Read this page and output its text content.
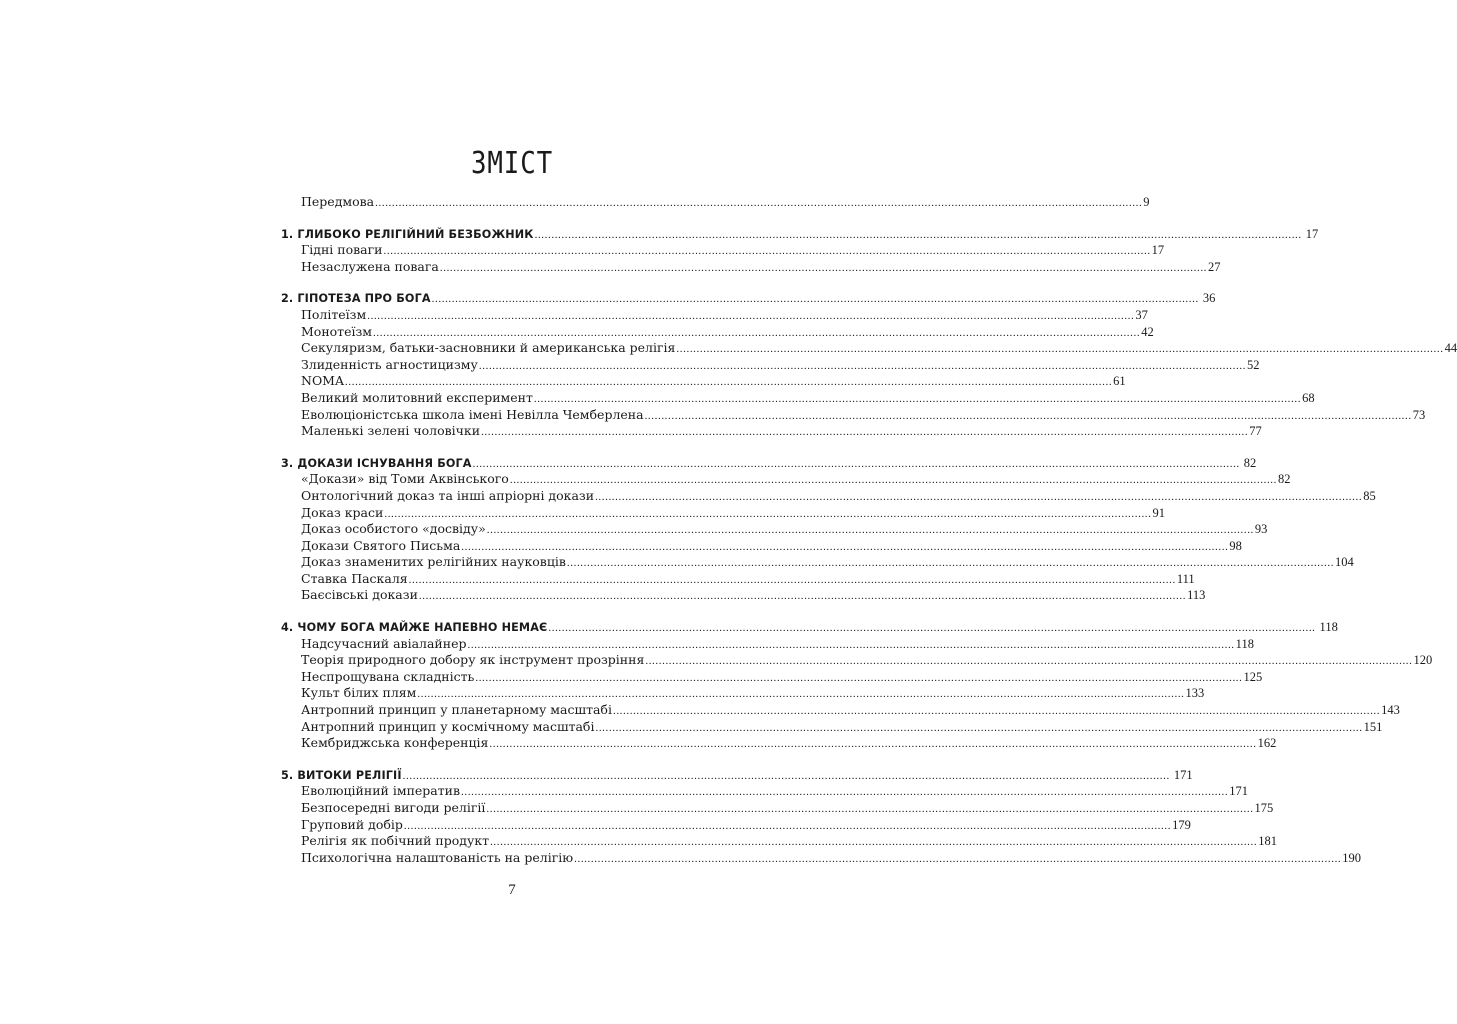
ЗМІСТ
Передмова .....	9
1. ГЛИБОКО РЕЛІГІЙНИЙ БЕЗБОЖНИК .....	17
Гідні поваги .....	17
Незаслужена повага .....	27
2. ГІПОТЕЗА ПРО БОГА .....	36
Політеїзм .....	37
Монотеїзм .....	42
Секуляризм, батьки-засновники й американська релігія .....	44
Злиденність агностицизму .....	52
NOMA .....	61
Великий молитовний експеримент .....	68
Еволюціоністська школа імені Невілла Чемберлена .....	73
Маленькі зелені чоловічки .....	77
3. ДОКАЗИ ІСНУВАННЯ БОГА .....	82
«Докази» від Томи Аквінського .....	82
Онтологічний доказ та інші апріорні докази .....	85
Доказ краси .....	91
Доказ особистого «досвіду» .....	93
Докази Святого Письма .....	98
Доказ знаменитих релігійних науковців .....	104
Ставка Паскаля .....	111
Баєсівські докази .....	113
4. ЧОМУ БОГА МАЙЖЕ НАПЕВНО НЕМАЄ .....	118
Надсучасний авіалайнер .....	118
Теорія природного добору як інструмент прозріння .....	120
Неспрощувана складність .....	125
Культ білих плям .....	133
Антропний принцип у планетарному масштабі .....	143
Антропний принцип у космічному масштабі .....	151
Кембриджська конференція .....	162
5. ВИТОКИ РЕЛІГІЇ .....	171
Еволюційний імператив .....	171
Безпосередні вигоди релігії .....	175
Груповий добір .....	179
Релігія як побічний продукт .....	181
Психологічна налаштованість на релігію .....	190
7
